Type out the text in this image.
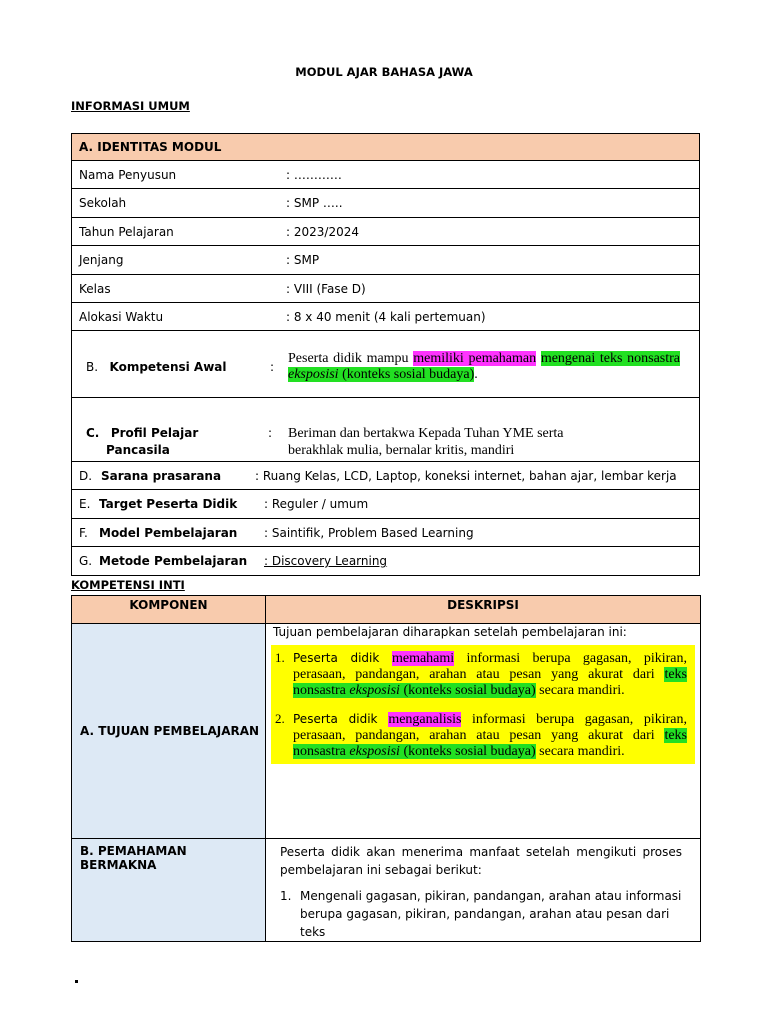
MODUL AJAR BAHASA JAWA
INFORMASI UMUM
A. IDENTITAS MODUL
Nama Penyusun	: …………
Sekolah	: SMP …..
Tahun Pelajaran	: 2023/2024
Jenjang	: SMP
Kelas	: VIII (Fase D)
Alokasi Waktu	: 8 x 40 menit (4 kali pertemuan)

B. Kompetensi Awal	:
Peserta didik mampu memiliki pemahaman mengenai teks nonsastra eksposisi (konteks sosial budaya).

C. Profil Pelajar
Pancasila
:	Beriman dan bertakwa Kepada Tuhan YME serta
berakhlak mulia, bernalar kritis, mandiri

D. Sarana prasarana	: Ruang Kelas, LCD, Laptop, koneksi internet, bahan ajar, lembar kerja
E. Target Peserta Didik : Reguler / umum
F. Model Pembelajaran : Saintifik, Problem Based Learning
G. Metode Pembelajaran : Discovery Learning
KOMPETENSI INTI
KOMPONEN	DESKRIPSI
A. TUJUAN PEMBELAJARAN	Tujuan pembelajaran diharapkan setelah pembelajaran ini:
1. Peserta didik memahami informasi berupa gagasan, pikiran, perasaan, pandangan, arahan atau pesan yang akurat dari teks nonsastra eksposisi (konteks sosial budaya) secara mandiri.
2. Peserta didik menganalisis informasi berupa gagasan, pikiran, perasaan, pandangan, arahan atau pesan yang akurat dari teks nonsastra eksposisi (konteks sosial budaya) secara mandiri.

B. PEMAHAMAN BERMAKNA	Peserta didik akan menerima manfaat setelah mengikuti proses pembelajaran ini sebagai berikut:
1. Mengenali gagasan, pikiran, pandangan, arahan atau informasi berupa gagasan, pikiran, pandangan, arahan atau pesan dari teks
